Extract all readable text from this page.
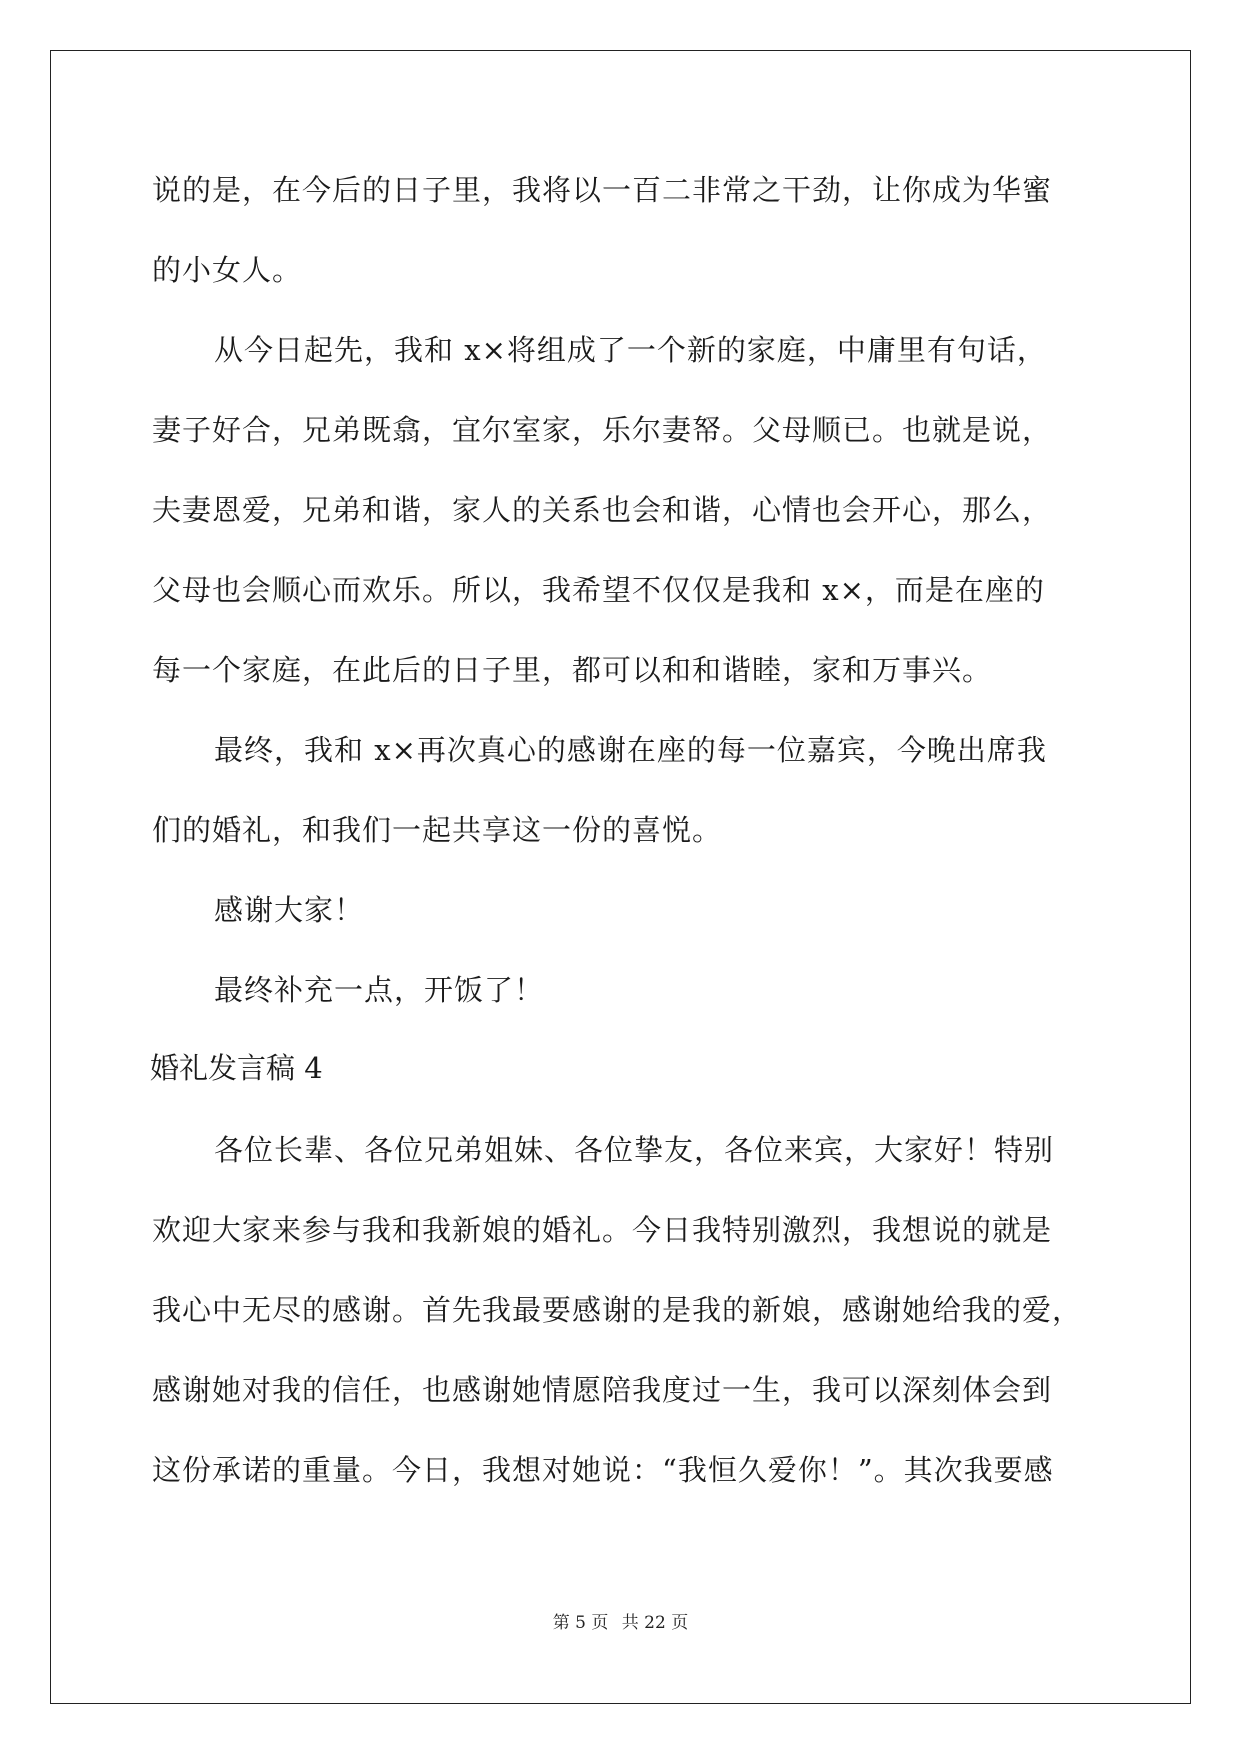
说的是，在今后的日子里，我将以一百二非常之干劲，让你成为华蜜
的小女人。
从今日起先，我和 x×将组成了一个新的家庭，中庸里有句话，
妻子好合，兄弟既翕，宜尔室家，乐尔妻帑。父母顺已。也就是说，
夫妻恩爱，兄弟和谐，家人的关系也会和谐，心情也会开心，那么，
父母也会顺心而欢乐。所以，我希望不仅仅是我和 x×，而是在座的
每一个家庭，在此后的日子里，都可以和和谐睦，家和万事兴。
最终，我和 x×再次真心的感谢在座的每一位嘉宾，今晚出席我
们的婚礼，和我们一起共享这一份的喜悦。
感谢大家！
最终补充一点，开饭了！
婚礼发言稿 4
各位长辈、各位兄弟姐妹、各位挚友，各位来宾，大家好！特别
欢迎大家来参与我和我新娘的婚礼。今日我特别激烈，我想说的就是
我心中无尽的感谢。首先我最要感谢的是我的新娘，感谢她给我的爱，
感谢她对我的信任，也感谢她情愿陪我度过一生，我可以深刻体会到
这份承诺的重量。今日，我想对她说：“我恒久爱你！”。其次我要感
第 5 页 共 22 页
